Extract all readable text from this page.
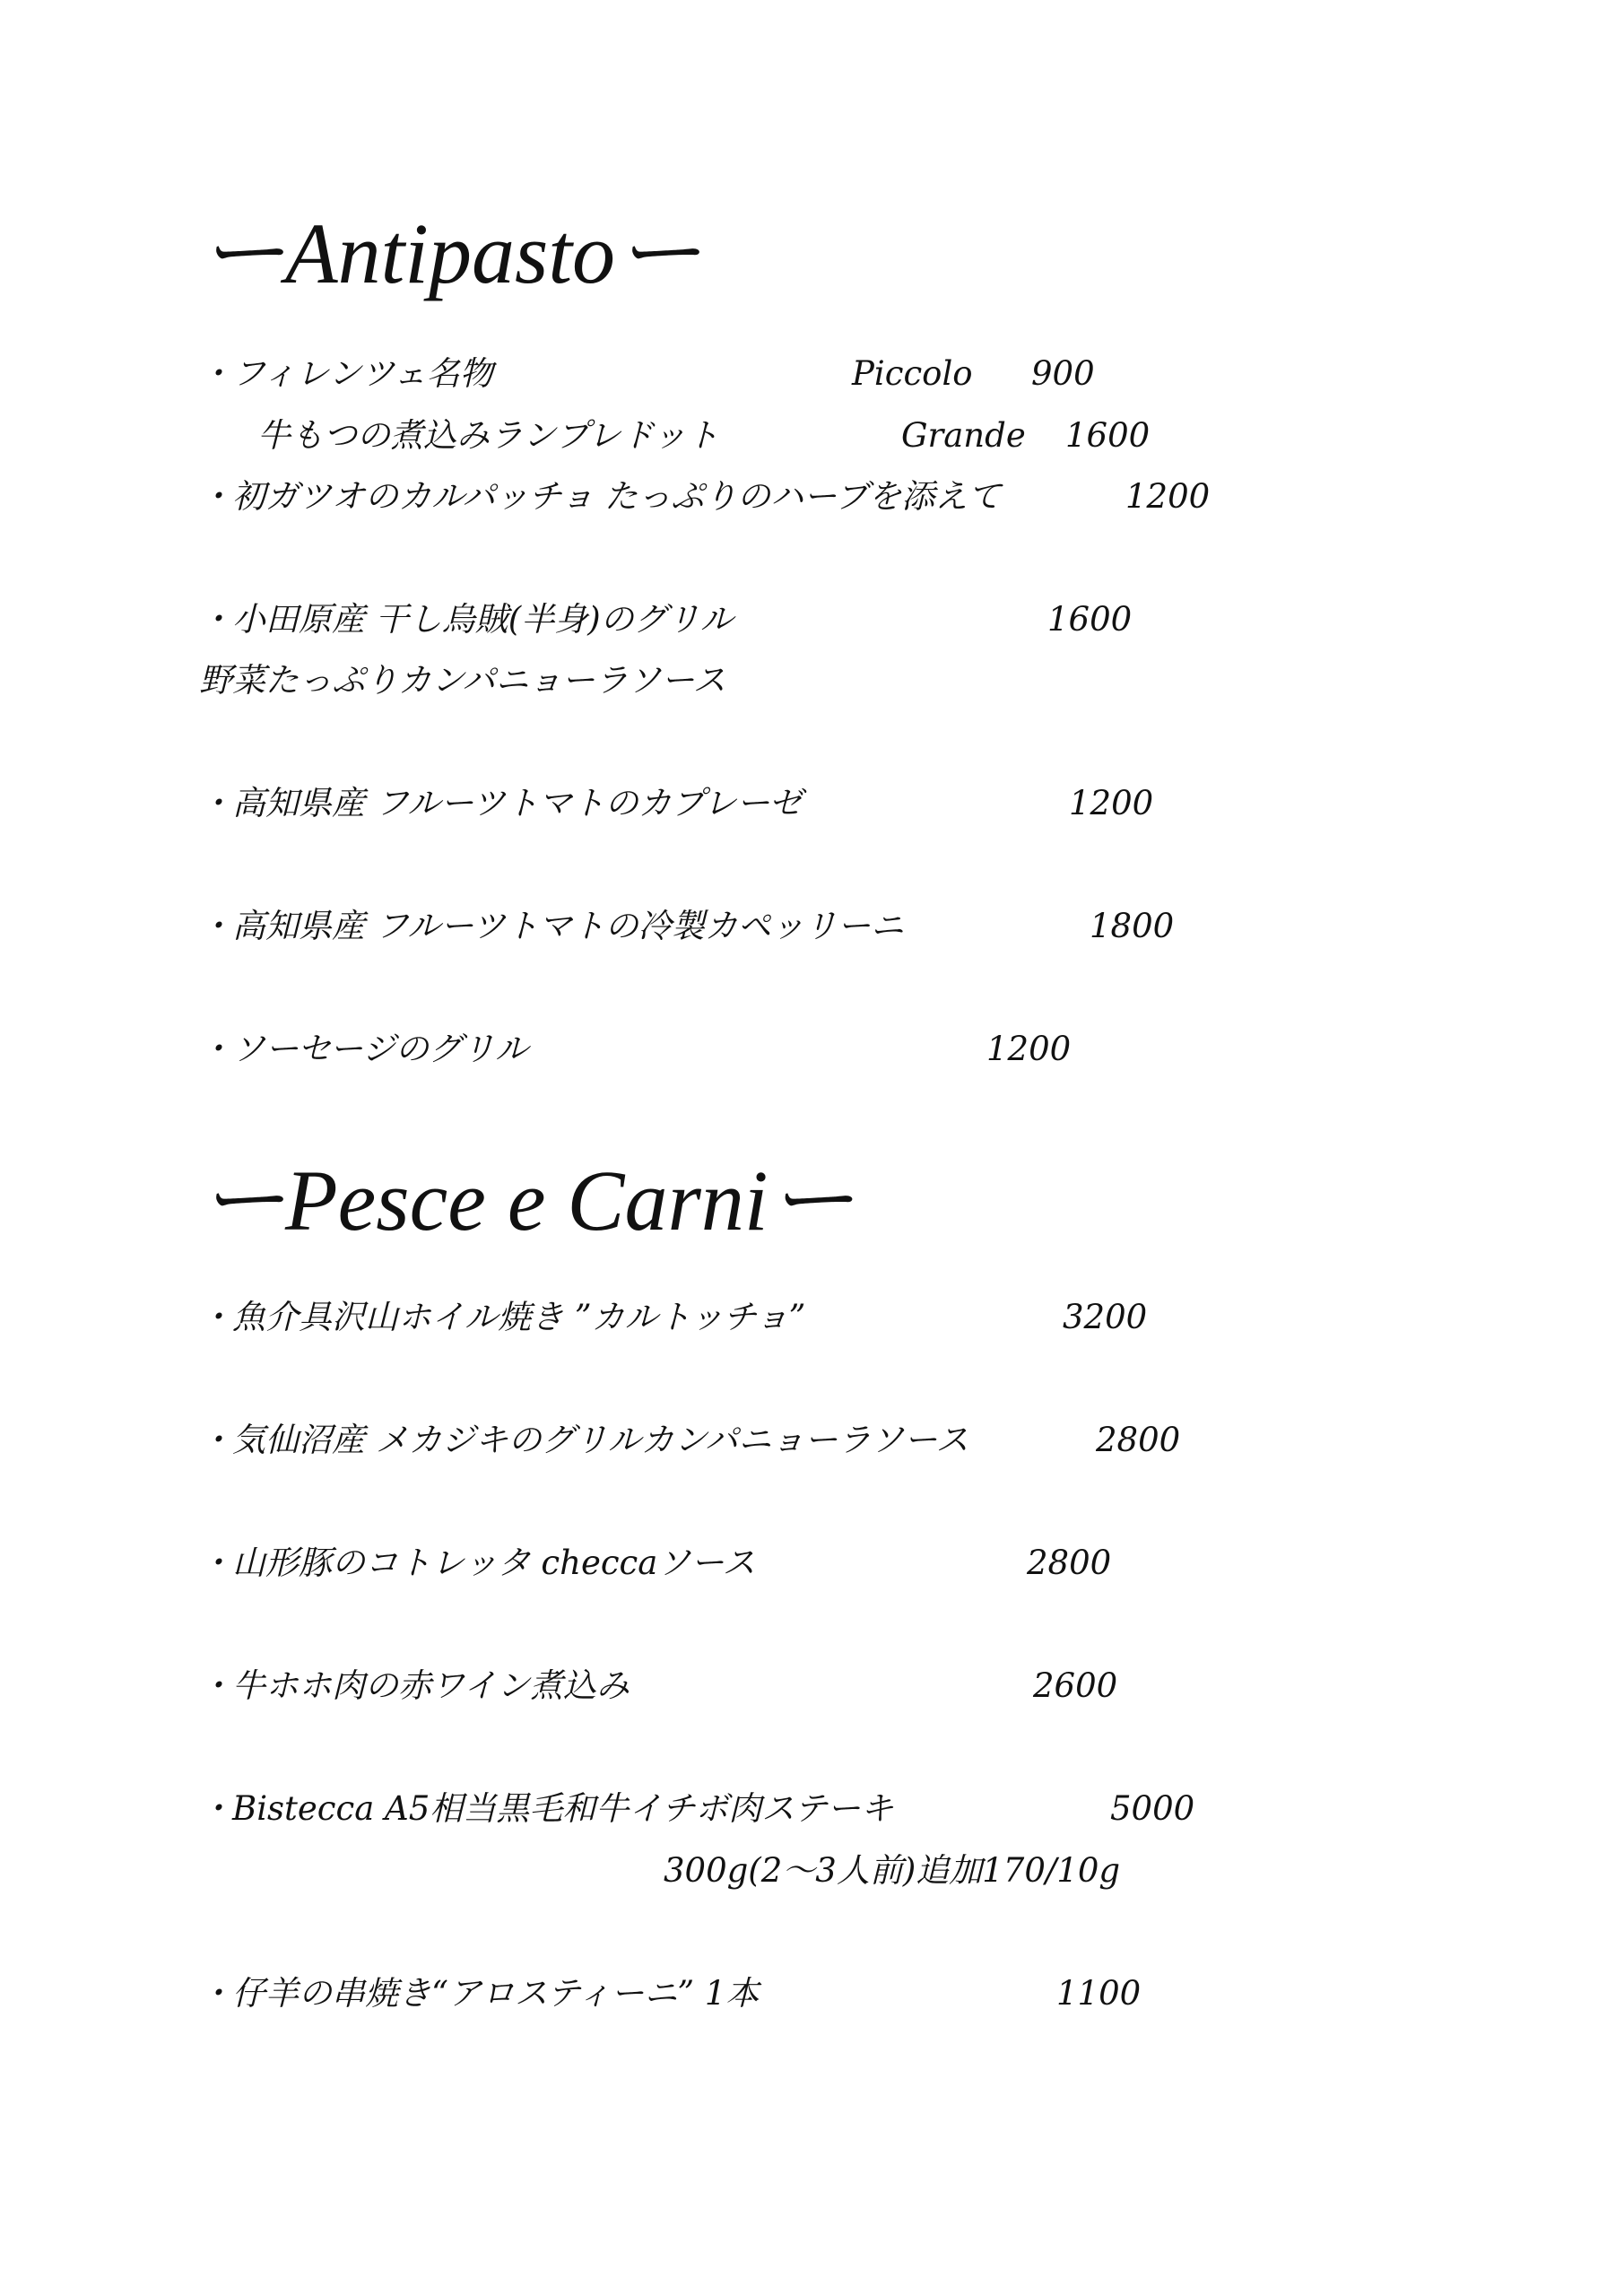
ーAntipastoー
・フィレンツェ名物	Piccolo 900
牛もつの煮込みランプレドット	Grande 1600
・初ガツオのカルパッチョ たっぷりのハーブを添えて	1200
・小田原産 干し烏賊(半身)のグリル	1600
野菜たっぷりカンパニョーラソース
・高知県産 フルーツトマトのカプレーゼ	1200
・高知県産 フルーツトマトの冷製カペッリーニ	1800
・ソーセージのグリル	1200
ーPesce e Carniー
・魚介具沢山ホイル焼き ”カルトッチョ”	3200
・気仙沼産 メカジキのグリルカンパニョーラソース	2800
・山形豚のコトレッタ checcaソース	2800
・牛ホホ肉の赤ワイン煮込み	2600
・Bistecca A5相当黒毛和牛イチボ肉ステーキ	5000
300g(2〜3人前)追加170/10g
・仔羊の串焼き“アロスティーニ” 1本	1100
